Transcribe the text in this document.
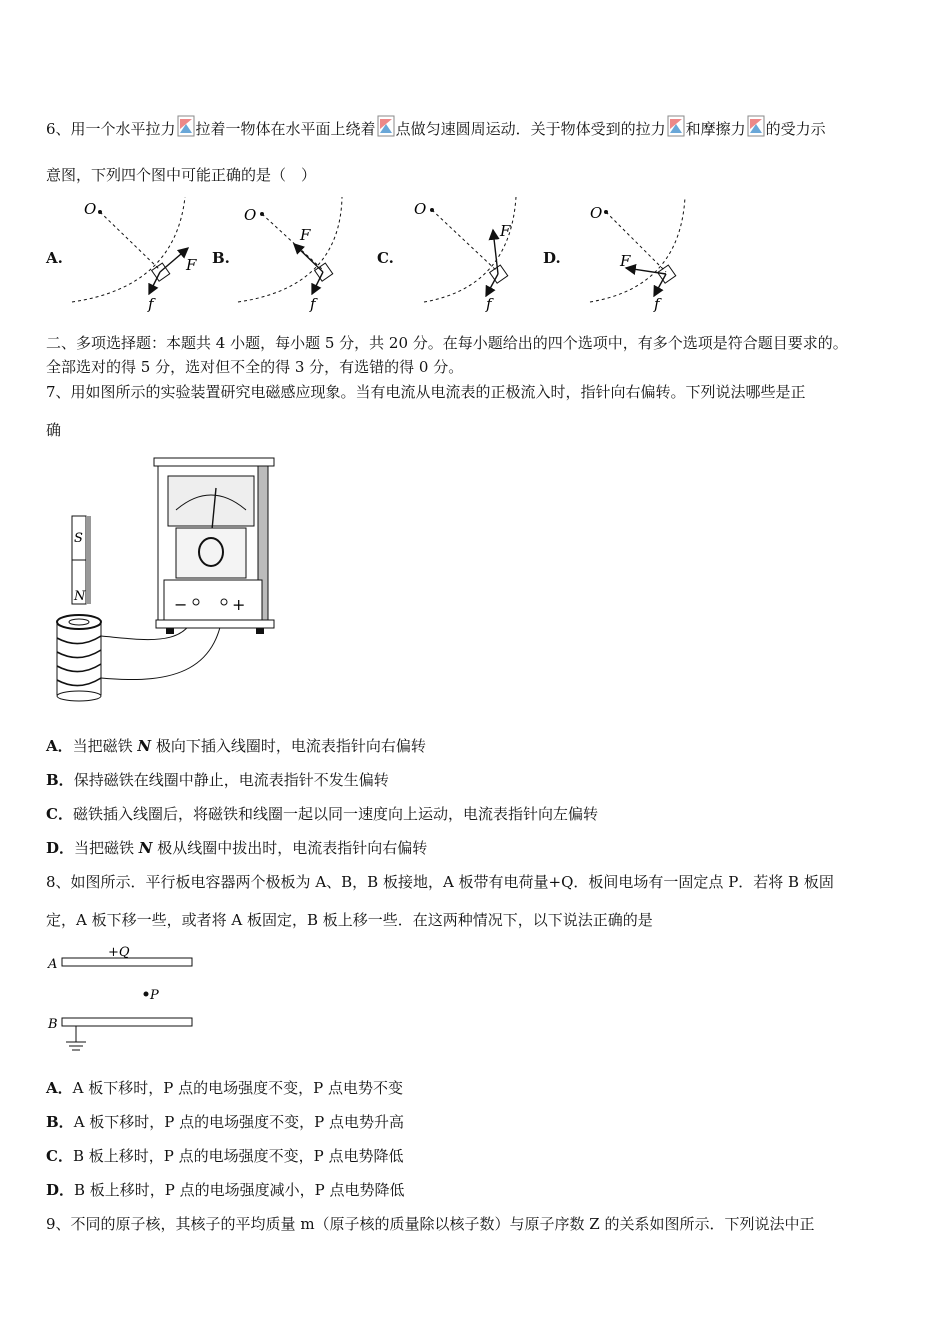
6、用一个水平拉力 拉着一物体在水平面上绕着 点做匀速圆周运动．关于物体受到的拉力 和摩擦力 的受力示
意图，下列四个图中可能正确的是（　）
A.	B.	C.	D.
O
F
f
O
F
f
O
F
f
O
F
f
二、多项选择题：本题共 4 小题，每小题 5 分，共 20 分。在每小题给出的四个选项中，有多个选项是符合题目要求的。
全部选对的得 5 分，选对但不全的得 3 分，有选错的得 0 分。
7、用如图所示的实验装置研究电磁感应现象。当有电流从电流表的正极流入时，指针向右偏转。下列说法哪些是正
确
S
N	−	+
A．当把磁铁 N 极向下插入线圈时，电流表指针向右偏转
B．保持磁铁在线圈中静止，电流表指针不发生偏转
C．磁铁插入线圈后，将磁铁和线圈一起以同一速度向上运动，电流表指针向左偏转
D．当把磁铁 N 极从线圈中拔出时，电流表指针向右偏转
8、如图所示．平行板电容器两个极板为 A、B，B 板接地，A 板带有电荷量+Q．板间电场有一固定点 P．若将 B 板固
定，A 板下移一些，或者将 A 板固定，B 板上移一些．在这两种情况下，以下说法正确的是
A
+Q
P
B
A．A 板下移时，P 点的电场强度不变，P 点电势不变
B．A 板下移时，P 点的电场强度不变，P 点电势升高
C．B 板上移时，P 点的电场强度不变，P 点电势降低
D．B 板上移时，P 点的电场强度减小，P 点电势降低
9、不同的原子核，其核子的平均质量 m（原子核的质量除以核子数）与原子序数 Z 的关系如图所示．下列说法中正
